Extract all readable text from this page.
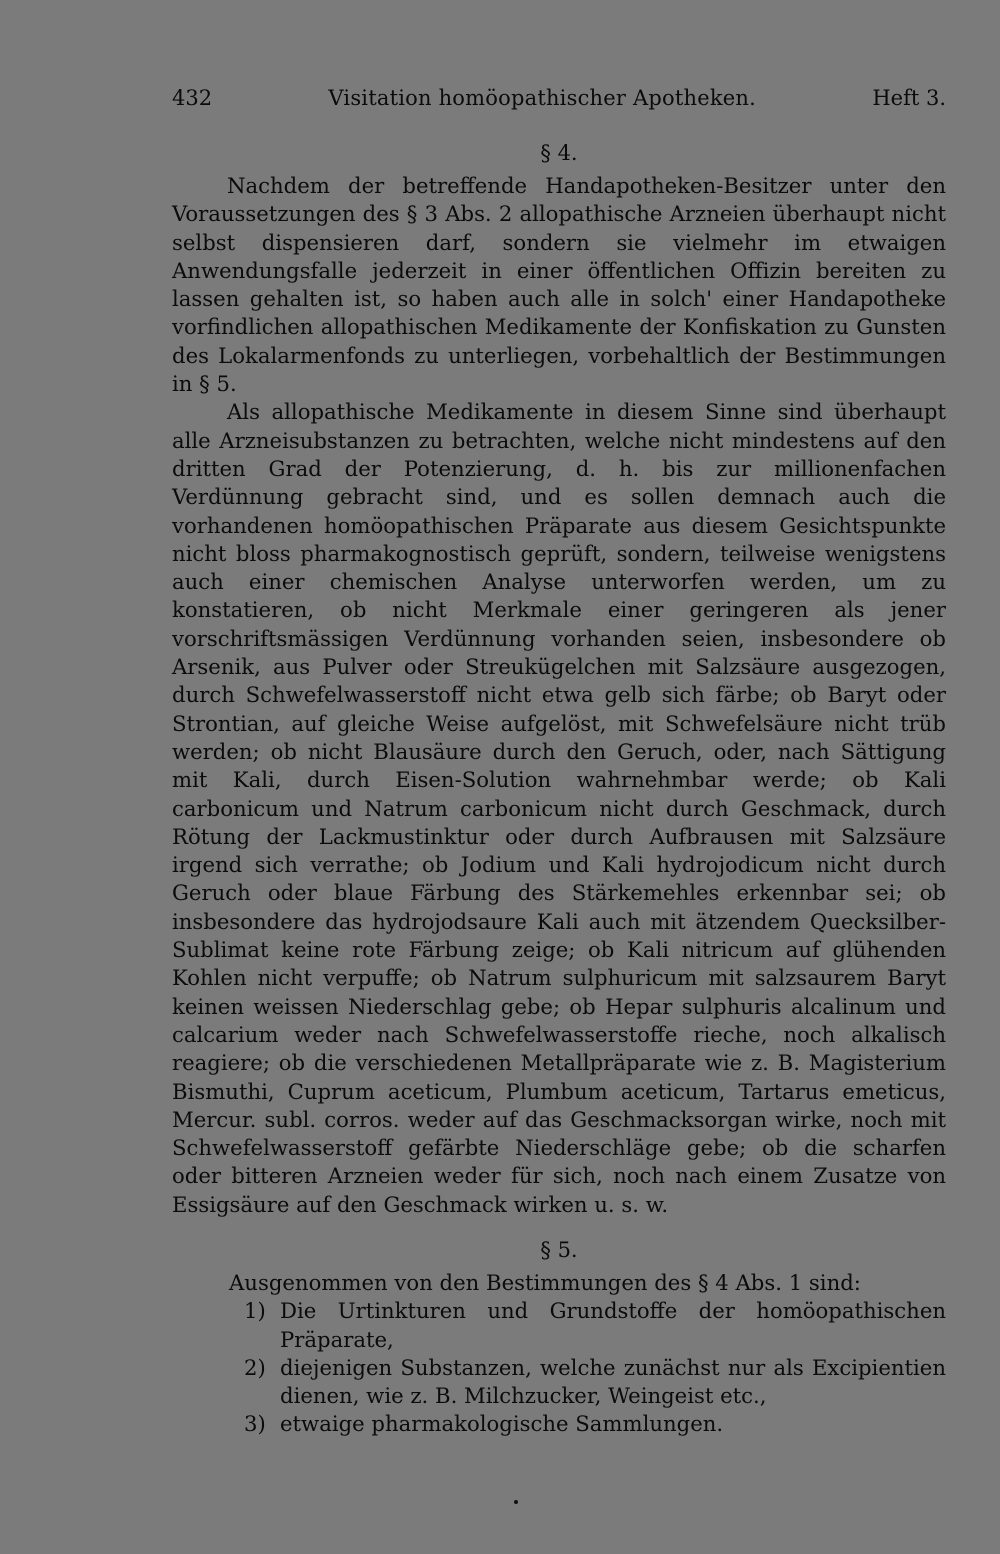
432	Visitation homöopathischer Apotheken.	Heft 3.
§ 4.

Nachdem der betreffende Handapotheken-Besitzer unter den Voraussetzungen des § 3 Abs. 2 allopathische Arzneien überhaupt nicht selbst dispensieren darf, sondern sie vielmehr im etwaigen Anwendungsfalle jederzeit in einer öffentlichen Offizin bereiten zu lassen gehalten ist, so haben auch alle in solch' einer Handapotheke vorfindlichen allopathischen Medikamente der Konfiskation zu Gunsten des Lokalarmenfonds zu unterliegen, vorbehaltlich der Bestimmungen in § 5.

Als allopathische Medikamente in diesem Sinne sind überhaupt alle Arzneisubstanzen zu betrachten, welche nicht mindestens auf den dritten Grad der Potenzierung, d. h. bis zur millionenfachen Verdünnung gebracht sind, und es sollen demnach auch die vorhandenen homöopathischen Präparate aus diesem Gesichtspunkte nicht bloss pharmakognostisch geprüft, sondern, teilweise wenigstens auch einer chemischen Analyse unterworfen werden, um zu konstatieren, ob nicht Merkmale einer geringeren als jener vorschriftsmässigen Verdünnung vorhanden seien, insbesondere ob Arsenik, aus Pulver oder Streukügelchen mit Salzsäure ausgezogen, durch Schwefelwasserstoff nicht etwa gelb sich färbe; ob Baryt oder Strontian, auf gleiche Weise aufgelöst, mit Schwefelsäure nicht trüb werden; ob nicht Blausäure durch den Geruch, oder, nach Sättigung mit Kali, durch Eisen-Solution wahrnehmbar werde; ob Kali carbonicum und Natrum carbonicum nicht durch Geschmack, durch Rötung der Lackmustinktur oder durch Aufbrausen mit Salzsäure irgend sich verrathe; ob Jodium und Kali hydrojodicum nicht durch Geruch oder blaue Färbung des Stärkemehles erkennbar sei; ob insbesondere das hydrojodsaure Kali auch mit ätzendem Quecksilber-Sublimat keine rote Färbung zeige; ob Kali nitricum auf glühenden Kohlen nicht verpuffe; ob Natrum sulphuricum mit salzsaurem Baryt keinen weissen Niederschlag gebe; ob Hepar sulphuris alcalinum und calcarium weder nach Schwefelwasserstoffe rieche, noch alkalisch reagiere; ob die verschiedenen Metallpräparate wie z. B. Magisterium Bismuthi, Cuprum aceticum, Plumbum aceticum, Tartarus emeticus, Mercur. subl. corros. weder auf das Geschmacksorgan wirke, noch mit Schwefelwasserstoff gefärbte Niederschläge gebe; ob die scharfen oder bitteren Arzneien weder für sich, noch nach einem Zusatze von Essigsäure auf den Geschmack wirken u. s. w.

§ 5.

Ausgenommen von den Bestimmungen des § 4 Abs. 1 sind:

1) Die Urtinkturen und Grundstoffe der homöopathischen Präparate,
2) diejenigen Substanzen, welche zunächst nur als Excipientien dienen, wie z. B. Milchzucker, Weingeist etc.,
3) etwaige pharmakologische Sammlungen.
